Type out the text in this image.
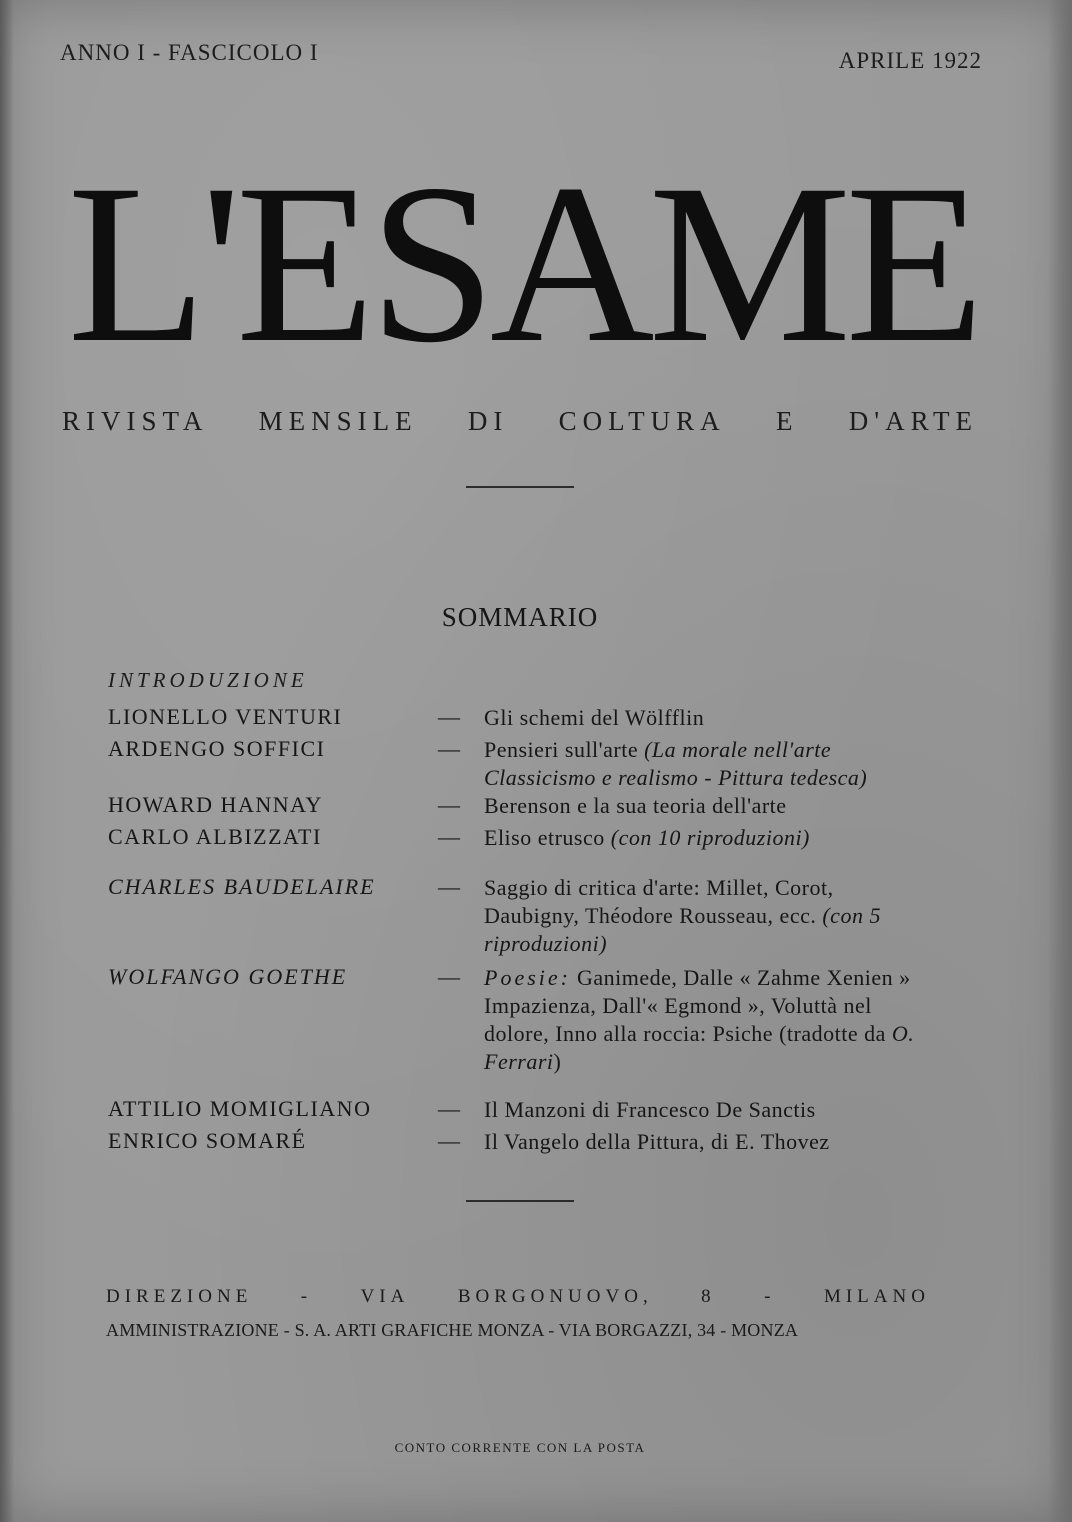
ANNO I - FASCICOLO I	APRILE 1922
L'ESAME
RIVISTA MENSILE DI COLTURA E D'ARTE
SOMMARIO
INTRODUZIONE
LIONELLO VENTURI	— Gli schemi del Wölfflin
ARDENGO SOFFICI	— Pensieri sull'arte (La morale nell'arte Classicismo e realismo - Pittura tedesca)
HOWARD HANNAY	— Berenson e la sua teoria dell'arte
CARLO ALBIZZATI	— Eliso etrusco (con 10 riproduzioni)
CHARLES BAUDELAIRE	— Saggio di critica d'arte: Millet, Corot, Daubigny, Théodore Rousseau, ecc. (con 5 riproduzioni)
WOLFANGO GOETHE	— Poesie: Ganimede, Dalle « Zahme Xenien » Impazienza, Dall'« Egmond », Voluttà nel dolore, Inno alla roccia: Psiche (tradotte da O. Ferrari)
ATTILIO MOMIGLIANO	— Il Manzoni di Francesco De Sanctis
ENRICO SOMARÉ	— Il Vangelo della Pittura, di E. Thovez
DIREZIONE	-	VIA	BORGONUOVO,	8	-	MILANO
AMMINISTRAZIONE - S. A. ARTI GRAFICHE MONZA - VIA BORGAZZI, 34 - MONZA
CONTO CORRENTE CON LA POSTA
